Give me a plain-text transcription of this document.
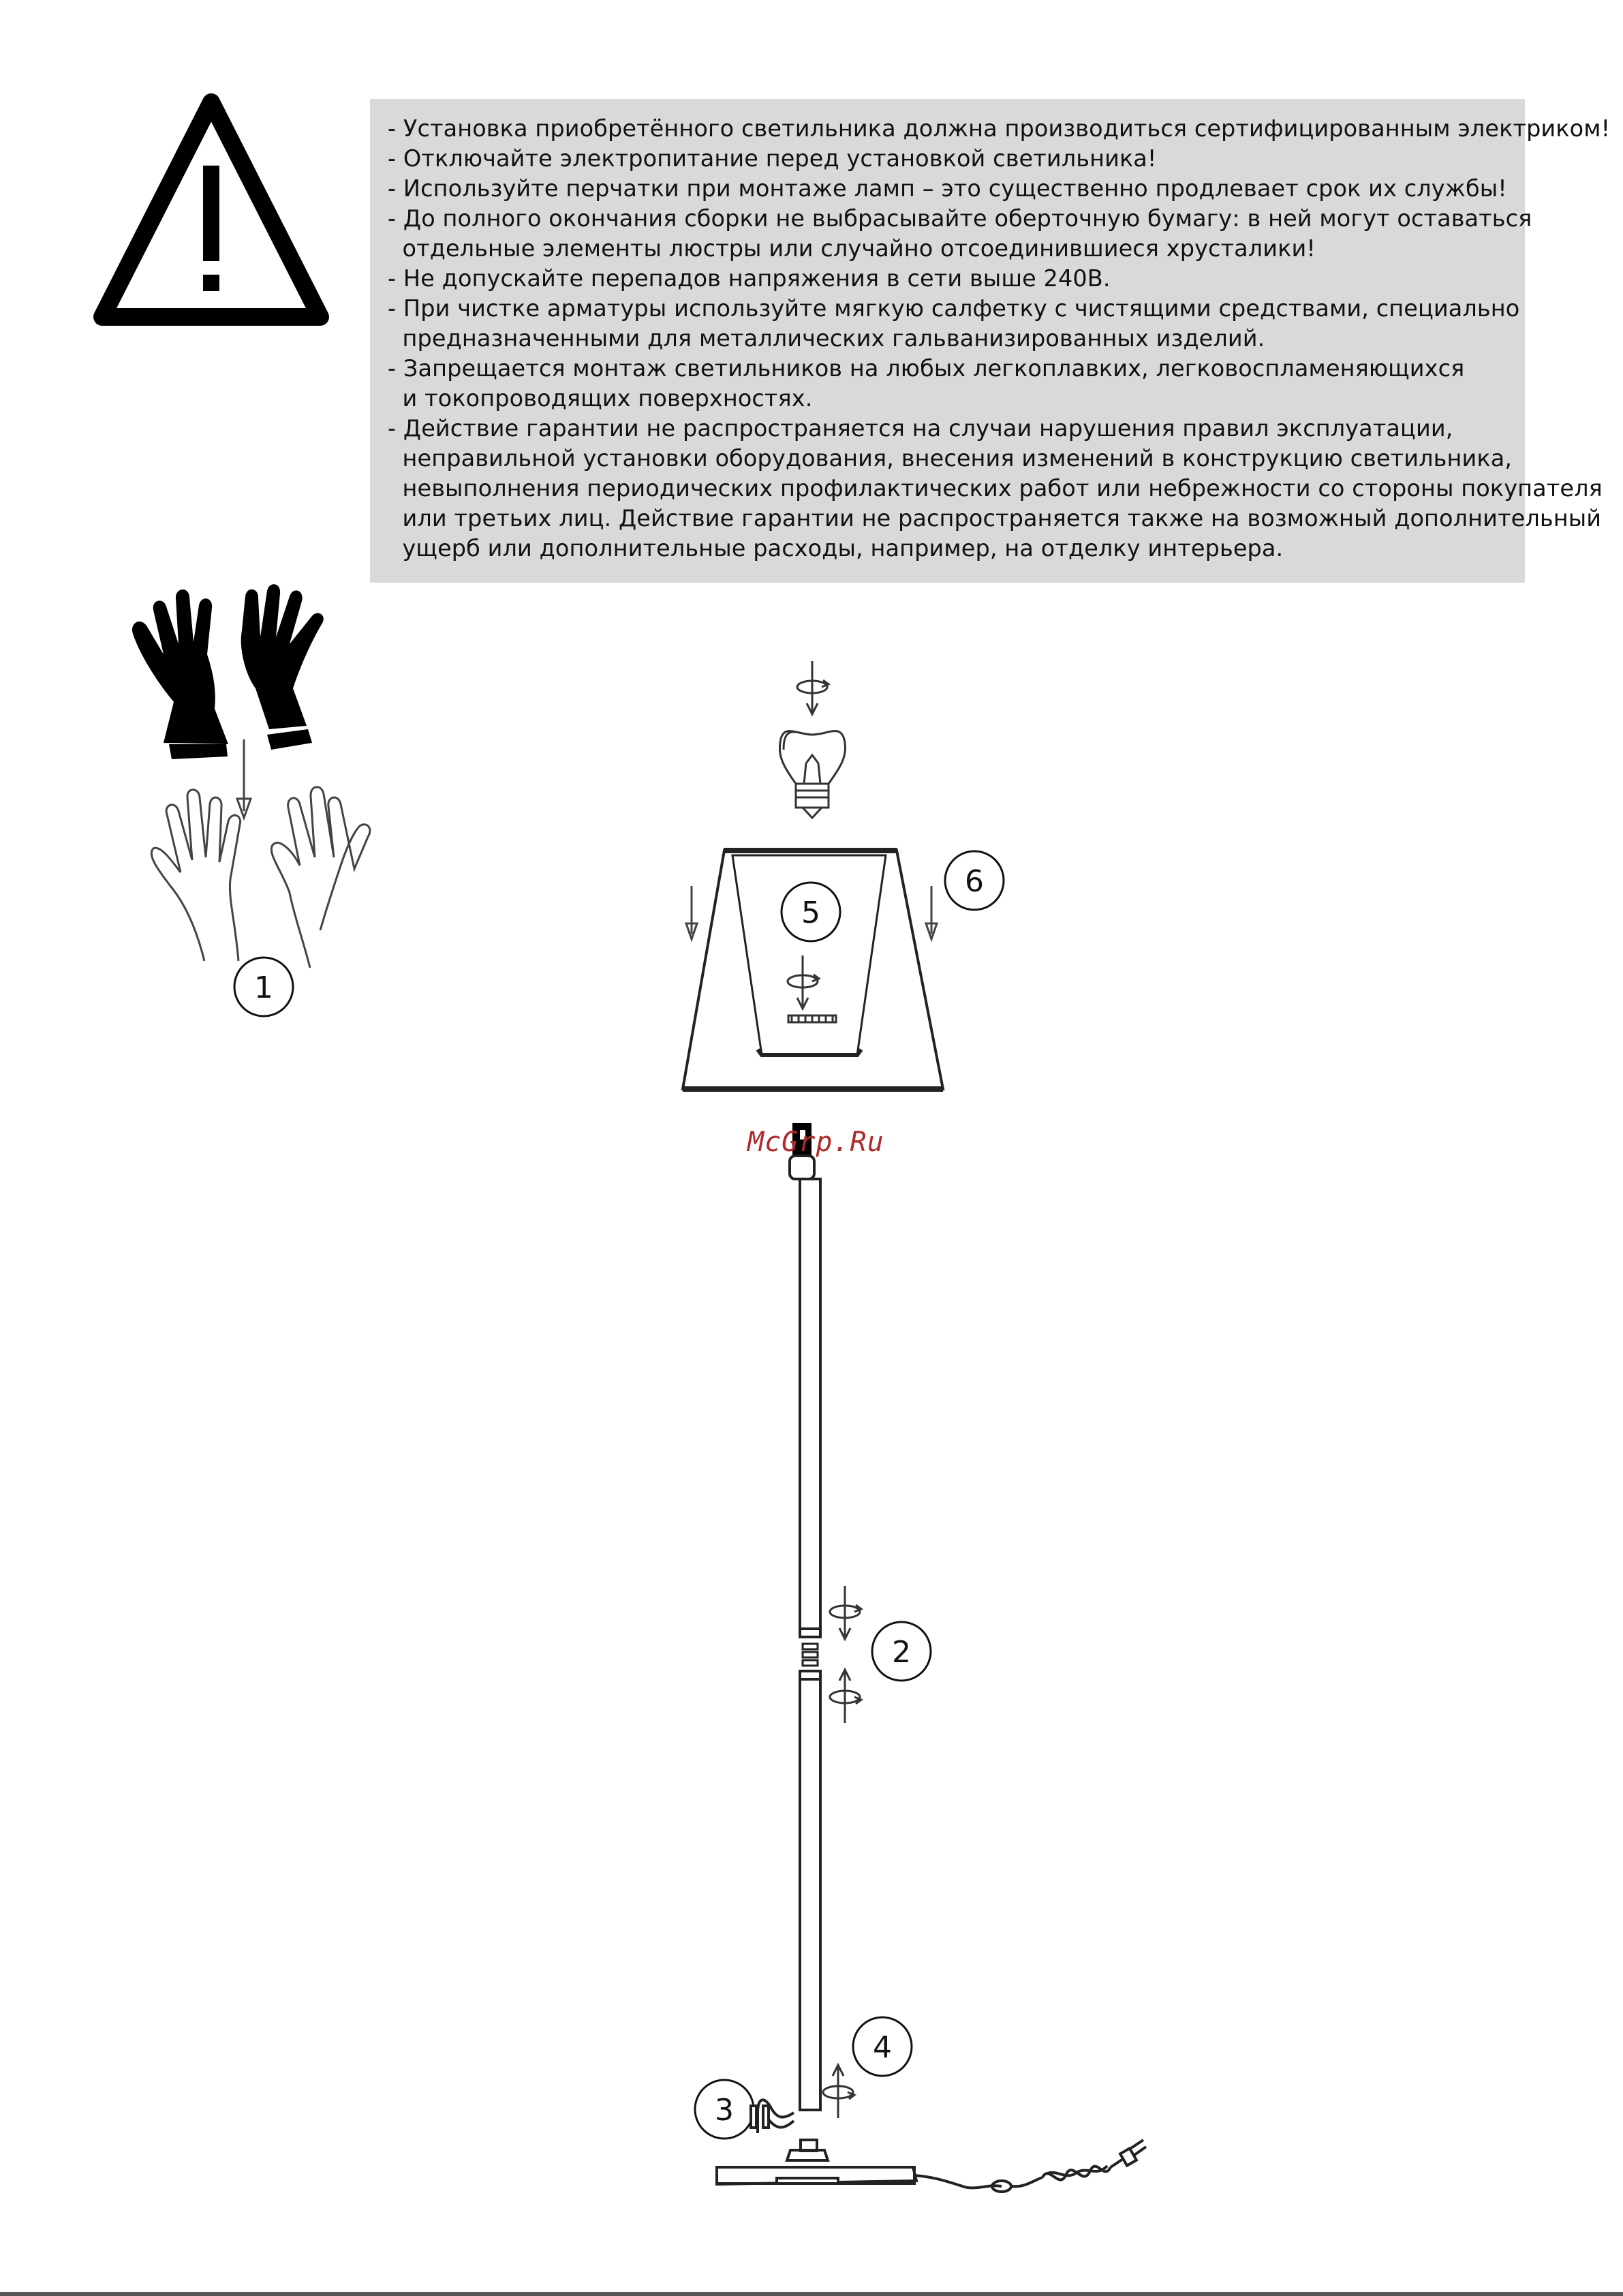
- Установка приобретённого светильника должна производиться сертифицированным электриком!
- Отключайте электропитание перед установкой светильника!
- Используйте перчатки при монтаже ламп – это существенно продлевает срок их службы!
- До полного окончания сборки не выбрасывайте оберточную бумагу: в ней могут оставаться
отдельные элементы люстры или случайно отсоединившиеся хрусталики!
- Не допускайте перепадов напряжения в сети выше 240В.
- При чистке арматуры используйте мягкую салфетку с чистящими средствами, специально
предназначенными для металлических гальванизированных изделий.
- Запрещается монтаж светильников на любых легкоплавких, легковоспламеняющихся
и токопроводящих поверхностях.
- Действие гарантии не распространяется на случаи нарушения правил эксплуатации,
неправильной установки оборудования, внесения изменений в конструкцию светильника,
невыполнения периодических профилактических работ или небрежности со стороны покупателя
или третьих лиц. Действие гарантии не распространяется также на возможный дополнительный
ущерб или дополнительные расходы, например, на отделку интерьера.
1
5
6
2
4
3
McGrp.Ru
